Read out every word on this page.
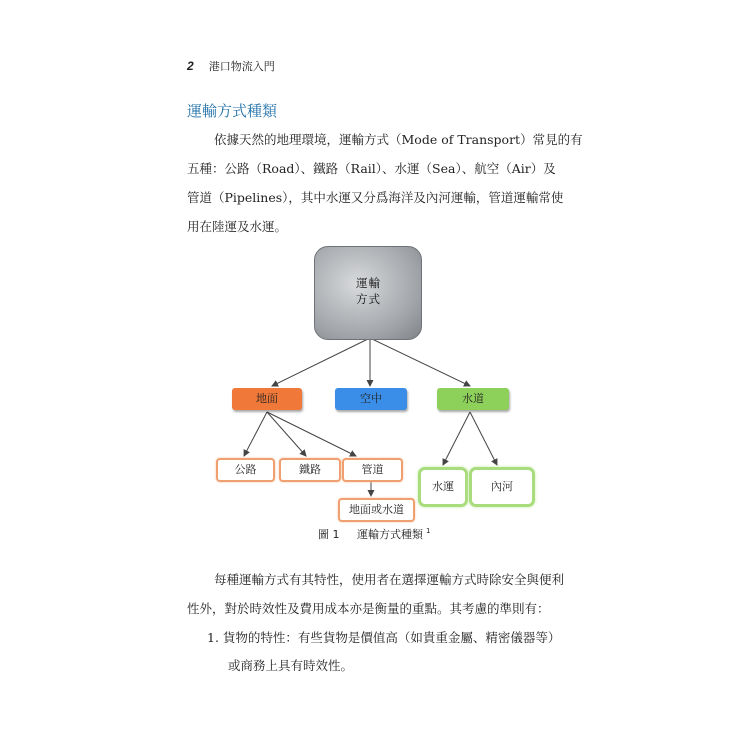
2 港口物流入門
運輸方式種類
依據天然的地理環境，運輸方式（Mode of Transport）常見的有
五種：公路（Road）、鐵路（Rail）、水運（Sea）、航空（Air）及
管道（Pipelines），其中水運又分爲海洋及內河運輸，管道運輸常使
用在陸運及水運。
運輸
方式
地面	空中	水道
公路	鐵路	管道
地面或水道
水運	內河
圖 1 運輸方式種類 $^1$
每種運輸方式有其特性，使用者在選擇運輸方式時除安全與便利
性外，對於時效性及費用成本亦是衡量的重點。其考慮的準則有：
1. 貨物的特性：有些貨物是價值高（如貴重金屬、精密儀器等）
或商務上具有時效性。
